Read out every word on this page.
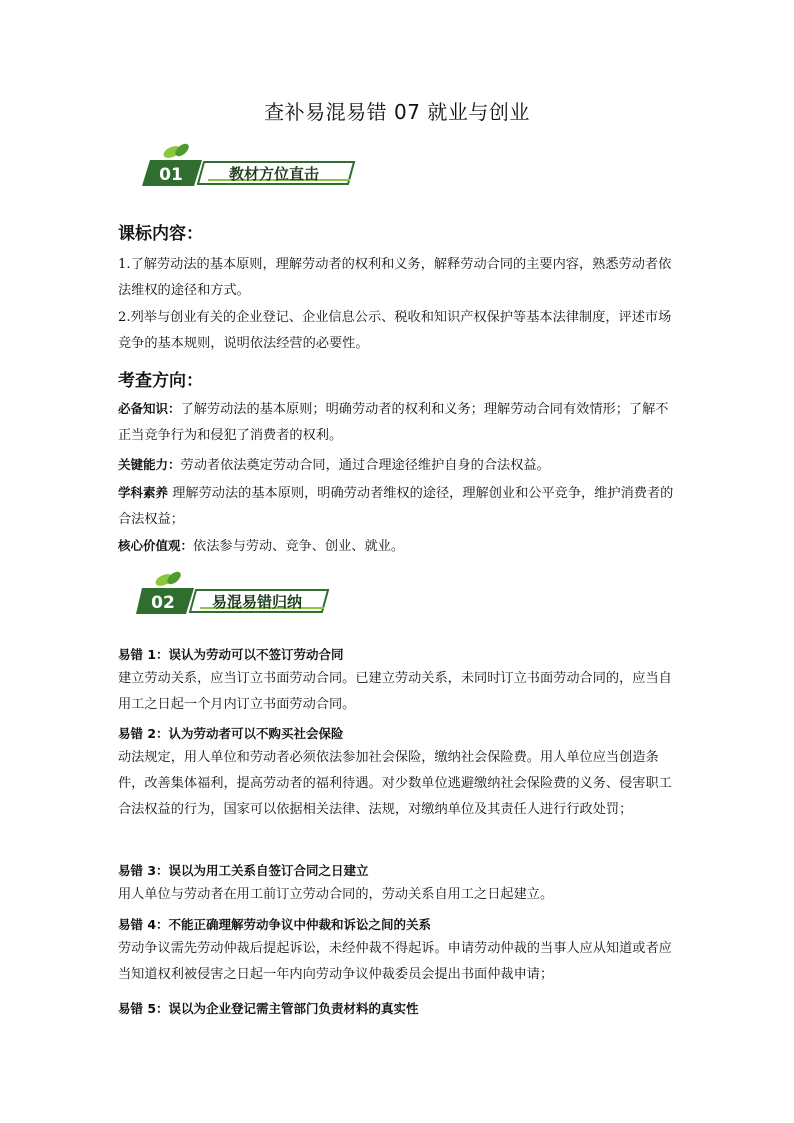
查补易混易错 07 就业与创业
01	教材方位直击
课标内容：
1.了解劳动法的基本原则，理解劳动者的权利和义务，解释劳动合同的主要内容，熟悉劳动者依法维权的途径和方式。
2.列举与创业有关的企业登记、企业信息公示、税收和知识产权保护等基本法律制度，评述市场竞争的基本规则，说明依法经营的必要性。
考查方向：
必备知识：了解劳动法的基本原则；明确劳动者的权利和义务；理解劳动合同有效情形；了解不正当竞争行为和侵犯了消费者的权利。
关键能力：劳动者依法奠定劳动合同，通过合理途径维护自身的合法权益。
学科素养 理解劳动法的基本原则，明确劳动者维权的途径，理解创业和公平竞争，维护消费者的合法权益；
核心价值观：依法参与劳动、竞争、创业、就业。
02 易混易错归纳
易错 1：误认为劳动可以不签订劳动合同
建立劳动关系，应当订立书面劳动合同。已建立劳动关系，未同时订立书面劳动合同的，应当自用工之日起一个月内订立书面劳动合同。
易错 2：认为劳动者可以不购买社会保险
动法规定，用人单位和劳动者必须依法参加社会保险，缴纳社会保险费。用人单位应当创造条件，改善集体福利，提高劳动者的福利待遇。对少数单位逃避缴纳社会保险费的义务、侵害职工合法权益的行为，国家可以依据相关法律、法规，对缴纳单位及其责任人进行行政处罚；
易错 3：误以为用工关系自签订合同之日建立
用人单位与劳动者在用工前订立劳动合同的，劳动关系自用工之日起建立。
易错 4：不能正确理解劳动争议中仲裁和诉讼之间的关系
劳动争议需先劳动仲裁后提起诉讼，未经仲裁不得起诉。申请劳动仲裁的当事人应从知道或者应当知道权利被侵害之日起一年内向劳动争议仲裁委员会提出书面仲裁申请；
易错 5：误以为企业登记需主管部门负责材料的真实性
